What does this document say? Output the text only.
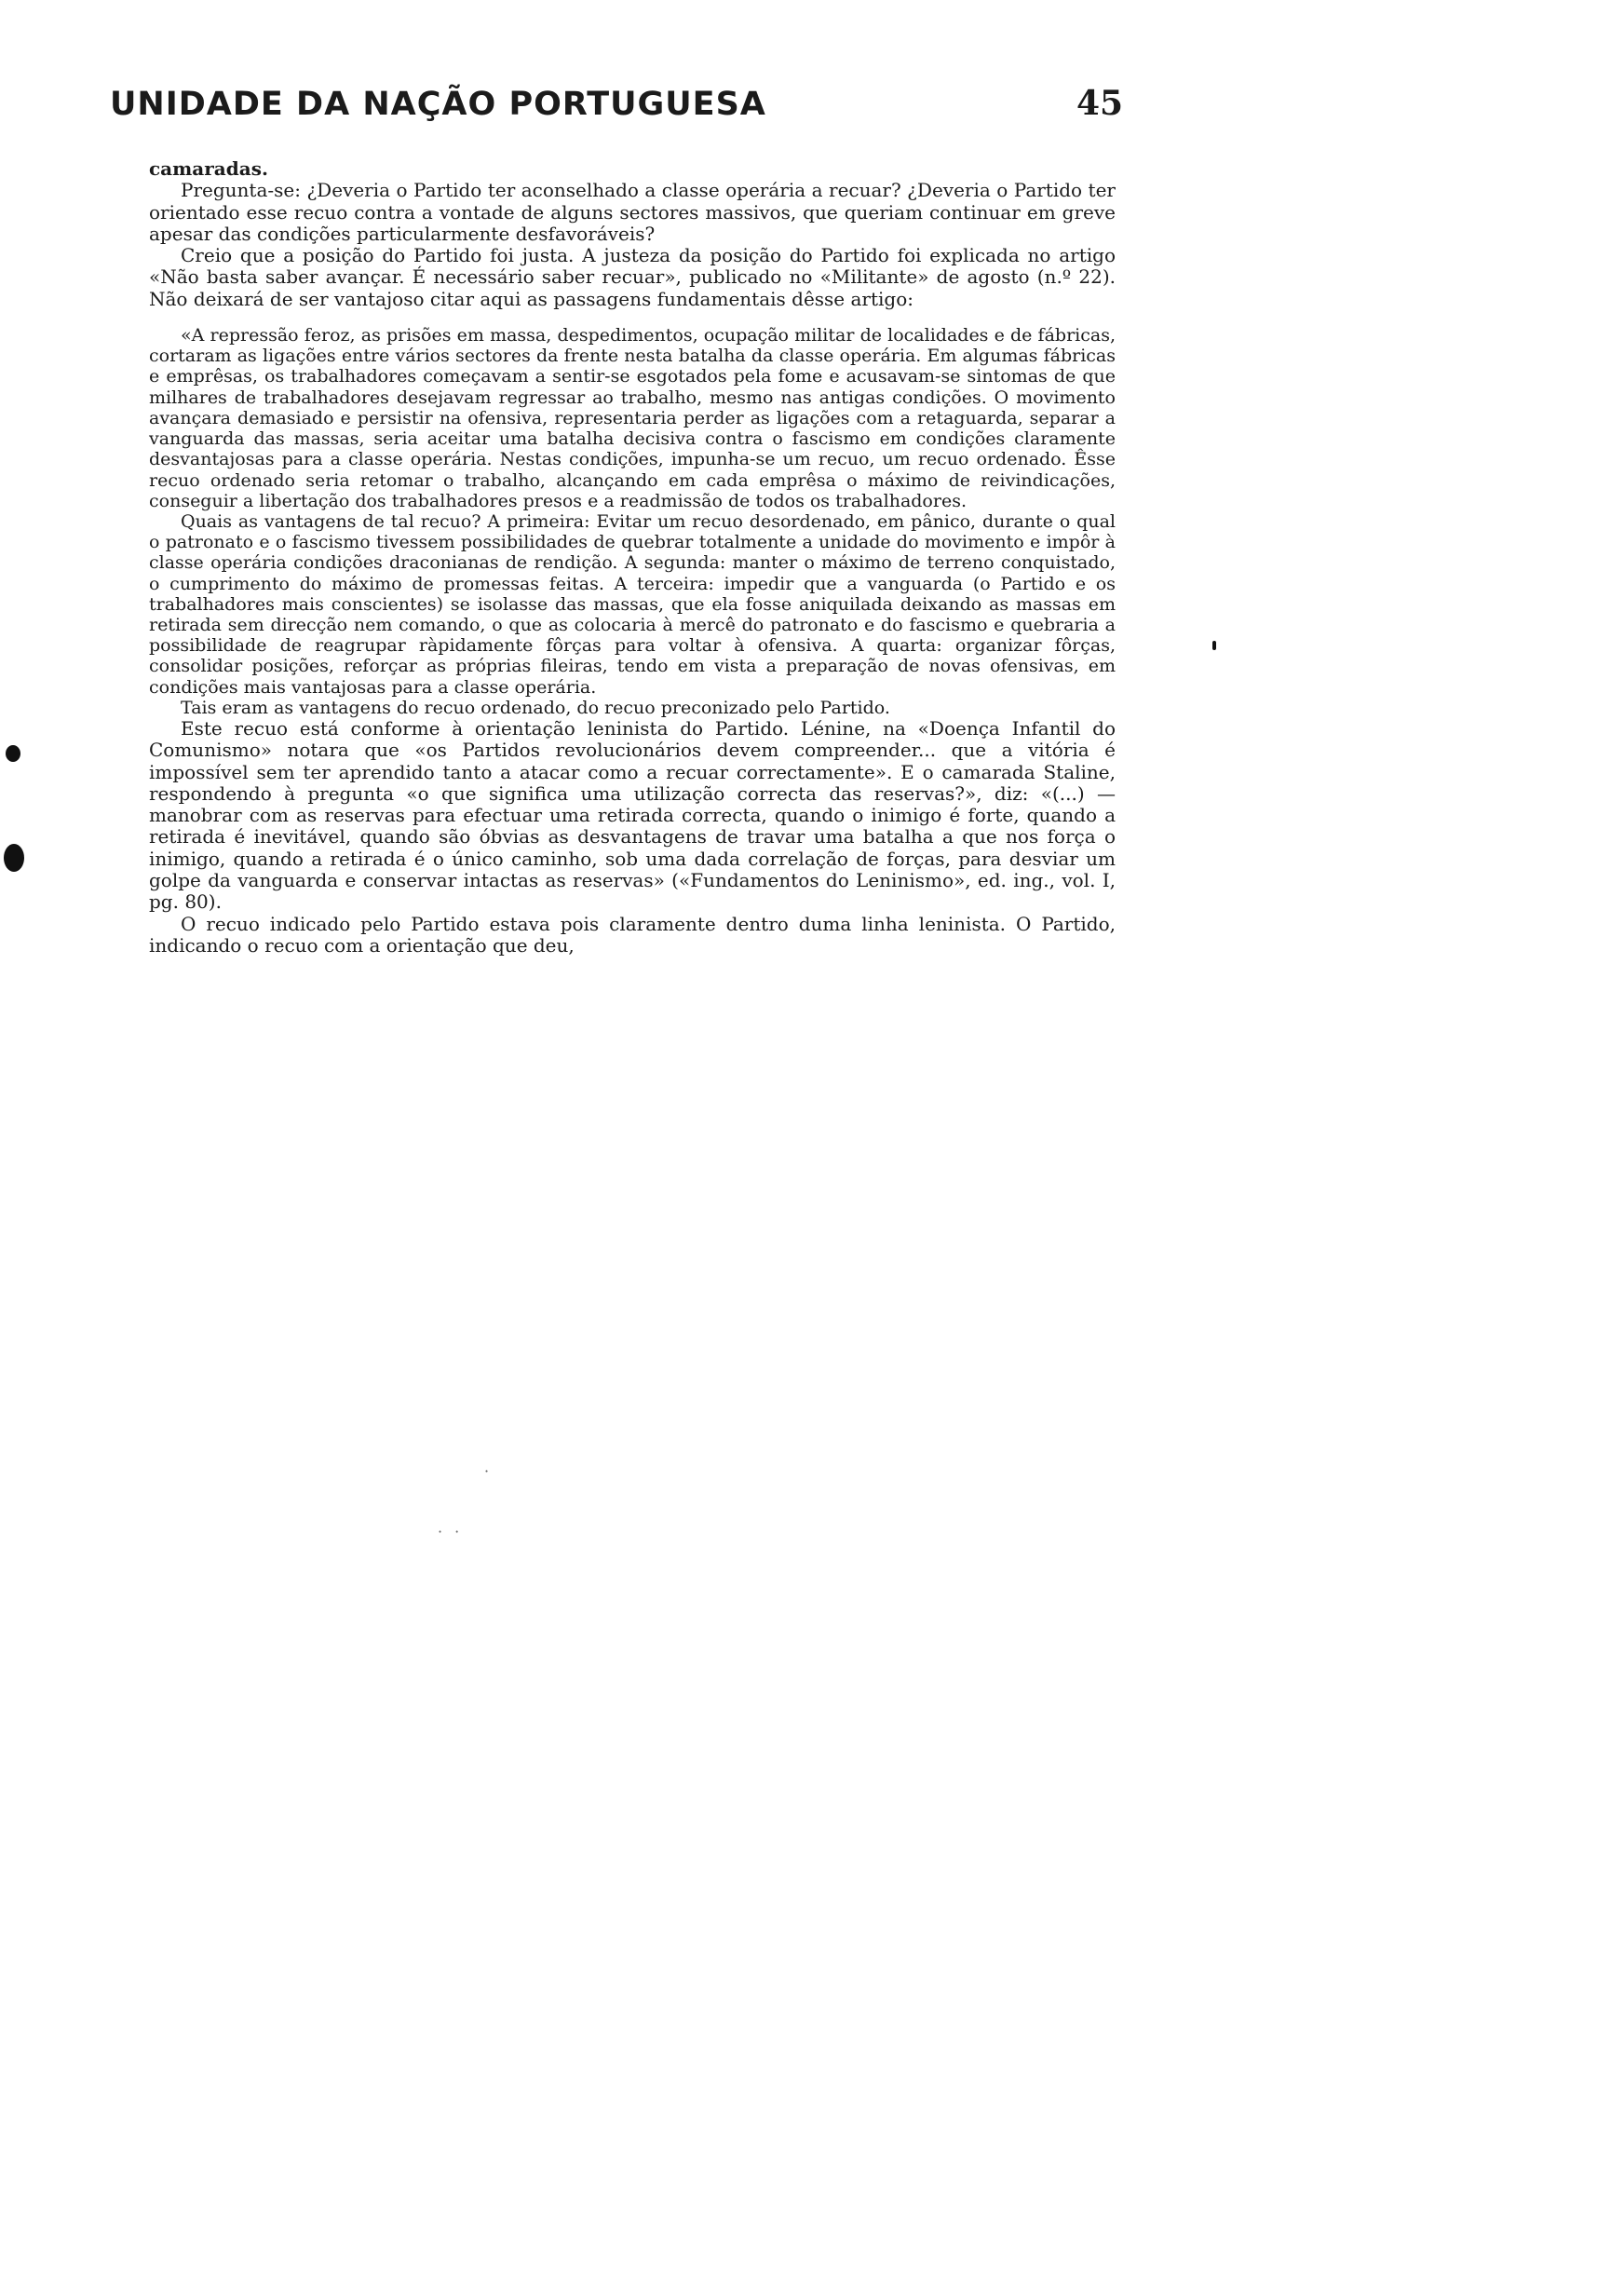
UNIDADE DA NAÇÃO PORTUGUESA	45

camaradas.

Pregunta-se: ¿Deveria o Partido ter aconselhado a classe operária a recuar? ¿Deveria o Partido ter orientado esse recuo contra a vontade de alguns sectores massivos, que queriam continuar em greve apesar das condições particularmente desfavoráveis?

Creio que a posição do Partido foi justa. A justeza da posição do Partido foi explicada no artigo «Não basta saber avançar. É necessário saber recuar», publicado no «Militante» de agosto (n.º 22). Não deixará de ser vantajoso citar aqui as passagens fundamentais dêsse artigo:

«A repressão feroz, as prisões em massa, despedimentos, ocupação militar de localidades e de fábricas, cortaram as ligações entre vários sectores da frente nesta batalha da classe operária. Em algumas fábricas e emprêsas, os trabalhadores começavam a sentir-se esgotados pela fome e acusavam-se sintomas de que milhares de trabalhadores desejavam regressar ao trabalho, mesmo nas antigas condições. O movimento avançara demasiado e persistir na ofensiva, representaria perder as ligações com a retaguarda, separar a vanguarda das massas, seria aceitar uma batalha decisiva contra o fascismo em condições claramente desvantajosas para a classe operária. Nestas condições, impunha-se um recuo, um recuo ordenado. Êsse recuo ordenado seria retomar o trabalho, alcançando em cada emprêsa o máximo de reivindicações, conseguir a libertação dos trabalhadores presos e a readmissão de todos os trabalhadores.

Quais as vantagens de tal recuo? A primeira: Evitar um recuo desordenado, em pânico, durante o qual o patronato e o fascismo tivessem possibilidades de quebrar totalmente a unidade do movimento e impôr à classe operária condições draconianas de rendição. A segunda: manter o máximo de terreno conquistado, o cumprimento do máximo de promessas feitas. A terceira: impedir que a vanguarda (o Partido e os trabalhadores mais conscientes) se isolasse das massas, que ela fosse aniquilada deixando as massas em retirada sem direcção nem comando, o que as colocaria à mercê do patronato e do fascismo e quebraria a possibilidade de reagrupar ràpidamente fôrças para voltar à ofensiva. A quarta: organizar fôrças, consolidar posições, reforçar as próprias fileiras, tendo em vista a preparação de novas ofensivas, em condições mais vantajosas para a classe operária.

Tais eram as vantagens do recuo ordenado, do recuo preconizado pelo Partido.

Este recuo está conforme à orientação leninista do Partido. Lénine, na «Doença Infantil do Comunismo» notara que «os Partidos revolucionários devem compreender... que a vitória é impossível sem ter aprendido tanto a atacar como a recuar correctamente». E o camarada Staline, respondendo à pregunta «o que significa uma utilização correcta das reservas?», diz: «(...) — manobrar com as reservas para efectuar uma retirada correcta, quando o inimigo é forte, quando a retirada é inevitável, quando são óbvias as desvantagens de travar uma batalha a que nos força o inimigo, quando a retirada é o único caminho, sob uma dada correlação de forças, para desviar um golpe da vanguarda e conservar intactas as reservas» («Fundamentos do Leninismo», ed. ing., vol. I, pg. 80).

O recuo indicado pelo Partido estava pois claramente dentro duma linha leninista. O Partido, indicando o recuo com a orientação que deu,

· ·
·
